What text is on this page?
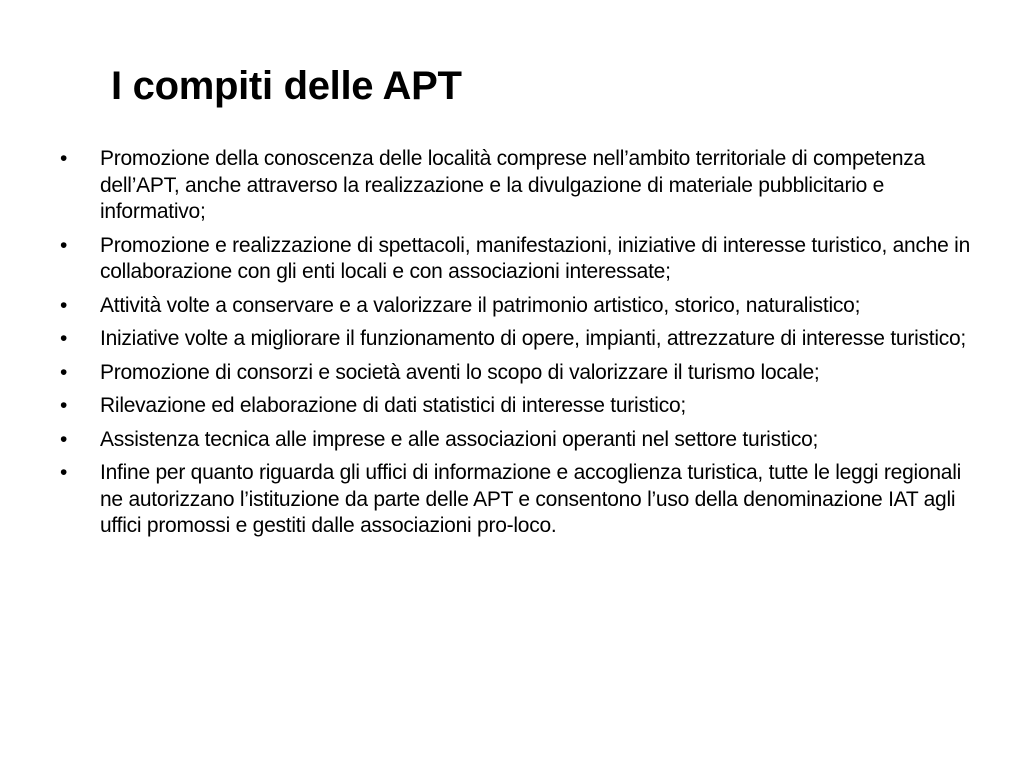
I compiti delle APT
•	Promozione della conoscenza delle località comprese nell’ambito territoriale di competenza dell’APT, anche attraverso la realizzazione e la divulgazione di materiale pubblicitario e informativo;
•	Promozione e realizzazione di spettacoli, manifestazioni, iniziative di interesse turistico, anche in collaborazione con gli enti locali e con associazioni interessate;
•	Attività volte a conservare e a valorizzare il patrimonio artistico, storico, naturalistico;
•	Iniziative volte a migliorare il funzionamento di opere, impianti, attrezzature di interesse turistico;
•	Promozione di consorzi e società aventi lo scopo di valorizzare il turismo locale;
•	Rilevazione ed elaborazione di dati statistici di interesse turistico;
•	Assistenza tecnica alle imprese e alle associazioni operanti nel settore turistico;
•	Infine per quanto riguarda gli uffici di informazione e accoglienza turistica, tutte le leggi regionali ne autorizzano l’istituzione da parte delle APT e consentono l’uso della denominazione IAT agli uffici promossi e gestiti dalle associazioni pro-loco.
